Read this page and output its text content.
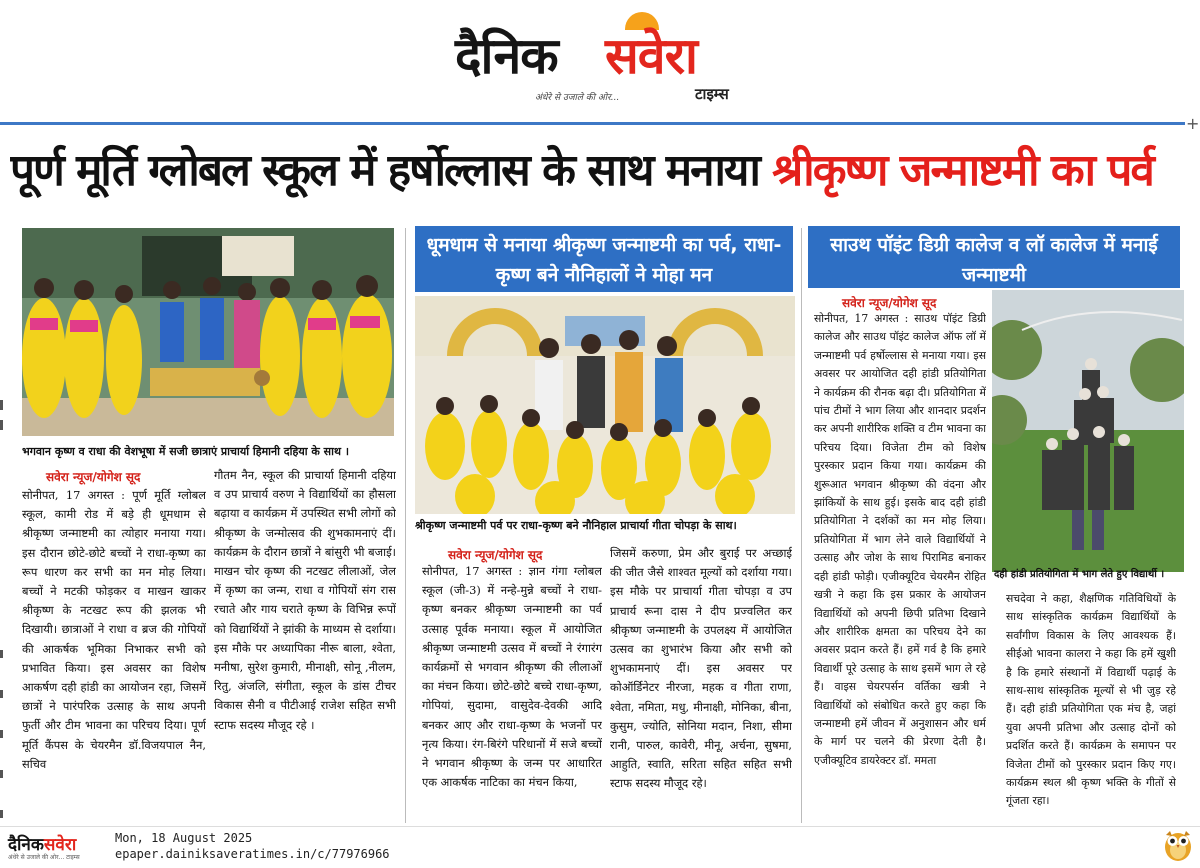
दैनिक सवेरा
अंधेरे से उजाले की ओर...	टाइम्स
+
पूर्ण मूर्ति ग्लोबल स्कूल में हर्षोल्लास के साथ मनाया श्रीकृष्ण जन्माष्टमी का पर्व
भगवान कृष्ण व राधा की वेशभूषा में सजी छात्राएं प्राचार्या हिमानी दहिया के साथ ।
सवेरा न्यूज/योगेश सूद

सोनीपत, 17 अगस्त : पूर्ण मूर्ति ग्लोबल स्कूल, कामी रोड में बड़े ही धूमधाम से श्रीकृष्ण जन्माष्टमी का त्योहार मनाया गया। इस दौरान छोटे-छोटे बच्चों ने राधा-कृष्ण का रूप धारण कर सभी का मन मोह लिया। बच्चों ने मटकी फोड़कर व माखन खाकर श्रीकृष्ण के नटखट रूप की झलक भी दिखायी। छात्राओं ने राधा व ब्रज की गोपियों की आकर्षक भूमिका निभाकर सभी को प्रभावित किया। इस अवसर का विशेष आकर्षण दही हांडी का आयोजन रहा, जिसमें छात्रों ने पारंपरिक उत्साह के साथ अपनी फुर्ती और टीम भावना का परिचय दिया। पूर्ण मूर्ति कैंपस के चेयरमैन डॉ.विजयपाल नैन, सचिव

गौतम नैन, स्कूल की प्राचार्या हिमानी दहिया व उप प्राचार्य वरुण ने विद्यार्थियों का हौसला बढ़ाया व कार्यक्रम में उपस्थित सभी लोगों को श्रीकृष्ण के जन्मोत्सव की शुभकामनाएं दीं। कार्यक्रम के दौरान छात्रों ने बांसुरी भी बजाई। माखन चोर कृष्ण की नटखट लीलाओं, जेल में कृष्ण का जन्म, राधा व गोपियों संग रास रचाते और गाय चराते कृष्ण के विभिन्न रूपों को विद्यार्थियों ने झांकी के माध्यम से दर्शाया। इस मौके पर अध्यापिका नीरू बाला, श्वेता, मनीषा, सुरेश कुमारी, मीनाक्षी, सोनू ,नीलम, रितु, अंजलि, संगीता, स्कूल के डांस टीचर विकास सैनी व पीटीआई राजेश सहित सभी स्टाफ सदस्य मौजूद रहे ।

धूमधाम से मनाया श्रीकृष्ण जन्माष्टमी का पर्व, राधा-कृष्ण बने नौनिहालों ने मोहा मन
श्रीकृष्ण जन्माष्टमी पर्व पर राधा-कृष्ण बने नौनिहाल प्राचार्या गीता चोपड़ा के साथ।
सवेरा न्यूज/योगेश सूद

सोनीपत, 17 अगस्त : ज्ञान गंगा ग्लोबल स्कूल (जी-3) में नन्हे-मुन्ने बच्चों ने राधा-कृष्ण बनकर श्रीकृष्ण जन्माष्टमी का पर्व उत्साह पूर्वक मनाया। स्कूल में आयोजित श्रीकृष्ण जन्माष्टमी उत्सव में बच्चों ने रंगारंग कार्यक्रमों से भगवान श्रीकृष्ण की लीलाओं का मंचन किया। छोटे-छोटे बच्चे राधा-कृष्ण, गोपियां, सुदामा, वासुदेव-देवकी आदि बनकर आए और राधा-कृष्ण के भजनों पर नृत्य किया। रंग-बिरंगे परिधानों में सजे बच्चों ने भगवान श्रीकृष्ण के जन्म पर आधारित एक आकर्षक नाटिका का मंचन किया,

जिसमें करुणा, प्रेम और बुराई पर अच्छाई की जीत जैसे शाश्वत मूल्यों को दर्शाया गया। इस मौके पर प्राचार्या गीता चोपड़ा व उप प्राचार्य रूना दास ने दीप प्रज्वलित कर श्रीकृष्ण जन्माष्टमी के उपलक्ष्य में आयोजित उत्सव का शुभारंभ किया और सभी को शुभकामनाएं दीं। इस अवसर पर कोऑर्डिनेटर नीरजा, महक व गीता राणा, श्वेता, नमिता, मधु, मीनाक्षी, मोनिका, बीना, कुसुम, ज्योति, सोनिया मदान, निशा, सीमा रानी, पारुल, कावेरी, मीनू, अर्चना, सुषमा, आहुति, स्वाति, सरिता सहित सहित सभी स्टाफ सदस्य मौजूद रहे।

साउथ पॉइंट डिग्री कालेज व लॉ कालेज में मनाई जन्माष्टमी
सवेरा न्यूज/योगेश सूद
दही हांडी प्रतियोगिता में भाग लेते हुए विद्यार्थी ।

सोनीपत, 17 अगस्त : साउथ पॉइंट डिग्री कालेज और साउथ पॉइंट कालेज ऑफ लॉ में जन्माष्टमी पर्व हर्षोल्लास से मनाया गया। इस अवसर पर आयोजित दही हांडी प्रतियोगिता ने कार्यक्रम की रौनक बढ़ा दी। प्रतियोगिता में पांच टीमों ने भाग लिया और शानदार प्रदर्शन कर अपनी शारीरिक शक्ति व टीम भावना का परिचय दिया। विजेता टीम को विशेष पुरस्कार प्रदान किया गया। कार्यक्रम की शुरूआत भगवान श्रीकृष्ण की वंदना और झांकियों के साथ हुई। इसके बाद दही हांडी प्रतियोगिता ने दर्शकों का मन मोह लिया। प्रतियोगिता में भाग लेने वाले विद्यार्थियों ने उत्साह और जोश के साथ पिरामिड बनाकर दही हांडी फोड़ी। एजीक्यूटिव चेयरमैन रोहित खत्री ने कहा कि इस प्रकार के आयोजन विद्यार्थियों को अपनी छिपी प्रतिभा दिखाने और शारीरिक क्षमता का परिचय देने का अवसर प्रदान करते हैं। हमें गर्व है कि हमारे विद्यार्थी पूरे उत्साह के साथ इसमें भाग ले रहे हैं। वाइस चेयरपर्सन वर्तिका खत्री ने विद्यार्थियों को संबोधित करते हुए कहा कि जन्माष्टमी हमें जीवन में अनुशासन और धर्म के मार्ग पर चलने की प्रेरणा देती है। एजीक्यूटिव डायरेक्टर डॉ. ममता

सचदेवा ने कहा, शैक्षणिक गतिविधियों के साथ सांस्कृतिक कार्यक्रम विद्यार्थियों के सर्वांगीण विकास के लिए आवश्यक हैं। सीईओ भावना कालरा ने कहा कि हमें खुशी है कि हमारे संस्थानों में विद्यार्थी पढ़ाई के साथ-साथ सांस्कृतिक मूल्यों से भी जुड़ रहे हैं। दही हांडी प्रतियोगिता एक मंच है, जहां युवा अपनी प्रतिभा और उत्साह दोनों को प्रदर्शित करते हैं। कार्यक्रम के समापन पर विजेता टीमों को पुरस्कार प्रदान किए गए। कार्यक्रम स्थल श्री कृष्ण भक्ति के गीतों से गूंजता रहा।

दैनिकसवेरा
अंधेरे से उजाले की ओर... टाइम्स
Mon, 18 August 2025
epaper.dainiksaveratimes.in/c/77976966
